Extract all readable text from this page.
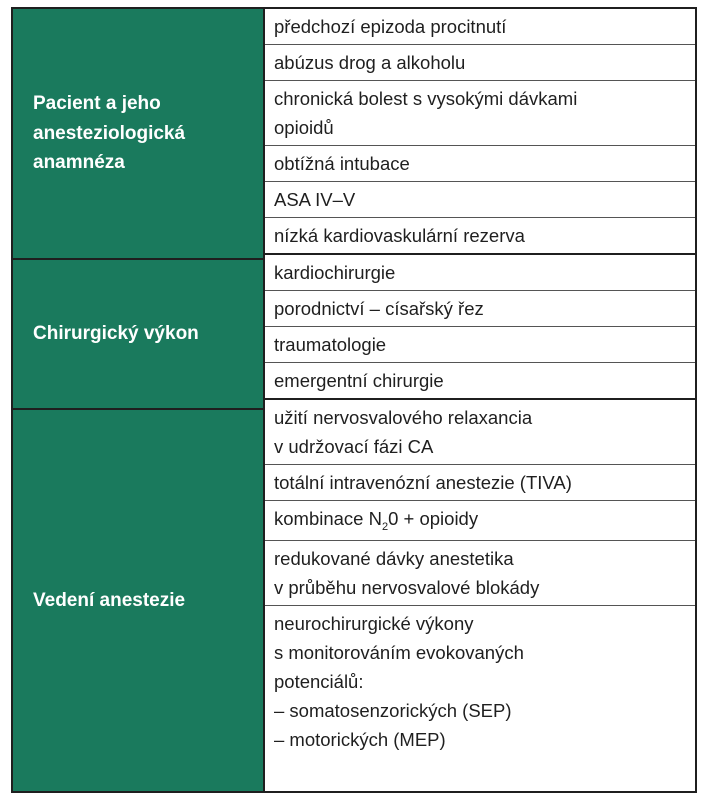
Pacient a jeho
anesteziologická
anamnéza
Chirurgický výkon
Vedení anestezie
předchozí epizoda procitnutí
abúzus drog a alkoholu
chronická bolest s vysokými dávkami
opioidů
obtížná intubace
ASA IV–V
nízká kardiovaskulární rezerva
kardiochirurgie
porodnictví – císařský řez
traumatologie
emergentní chirurgie
užití nervosvalového relaxancia
v udržovací fázi CA
totální intravenózní anestezie (TIVA)
kombinace $N_20$ + opioidy
redukované dávky anestetika
v průběhu nervosvalové blokády
neurochirurgické výkony
s monitorováním evokovaných
potenciálů:
– somatosenzorických (SEP)
– motorických (MEP)
